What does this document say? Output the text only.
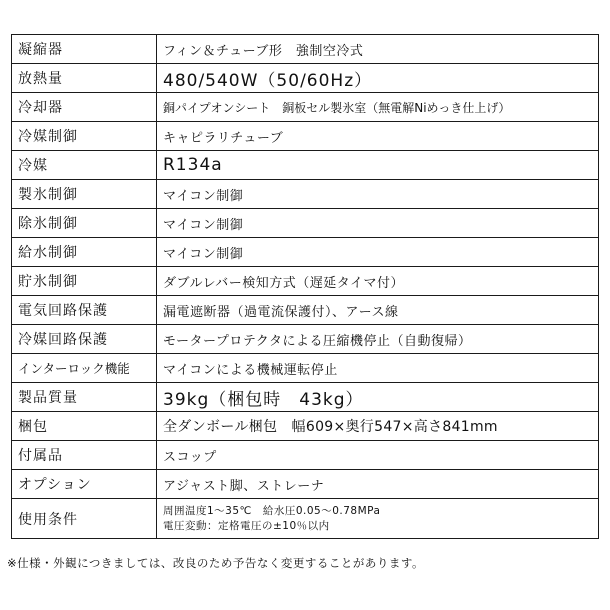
凝縮器	フィン＆チューブ形　強制空冷式
放熱量	480/540W（50/60Hz）
冷却器	銅パイプオンシート　銅板セル製氷室（無電解Niめっき仕上げ）
冷媒制御	キャピラリチューブ
冷媒	R134a
製氷制御	マイコン制御
除氷制御	マイコン制御
給水制御	マイコン制御
貯氷制御	ダブルレバー検知方式（遅延タイマ付）
電気回路保護	漏電遮断器（過電流保護付）、アース線
冷媒回路保護	モータープロテクタによる圧縮機停止（自動復帰）
インターロック機能	マイコンによる機械運転停止
製品質量	39kg（梱包時　43kg）
梱包	全ダンボール梱包　幅609×奥行547×高さ841mm
付属品	スコップ
オプション	アジャスト脚、ストレーナ
使用条件	周囲温度1～35℃　給水圧0.05～0.78MPa
電圧変動：定格電圧の±10％以内
※仕様・外観につきましては、改良のため予告なく変更することがあります。
